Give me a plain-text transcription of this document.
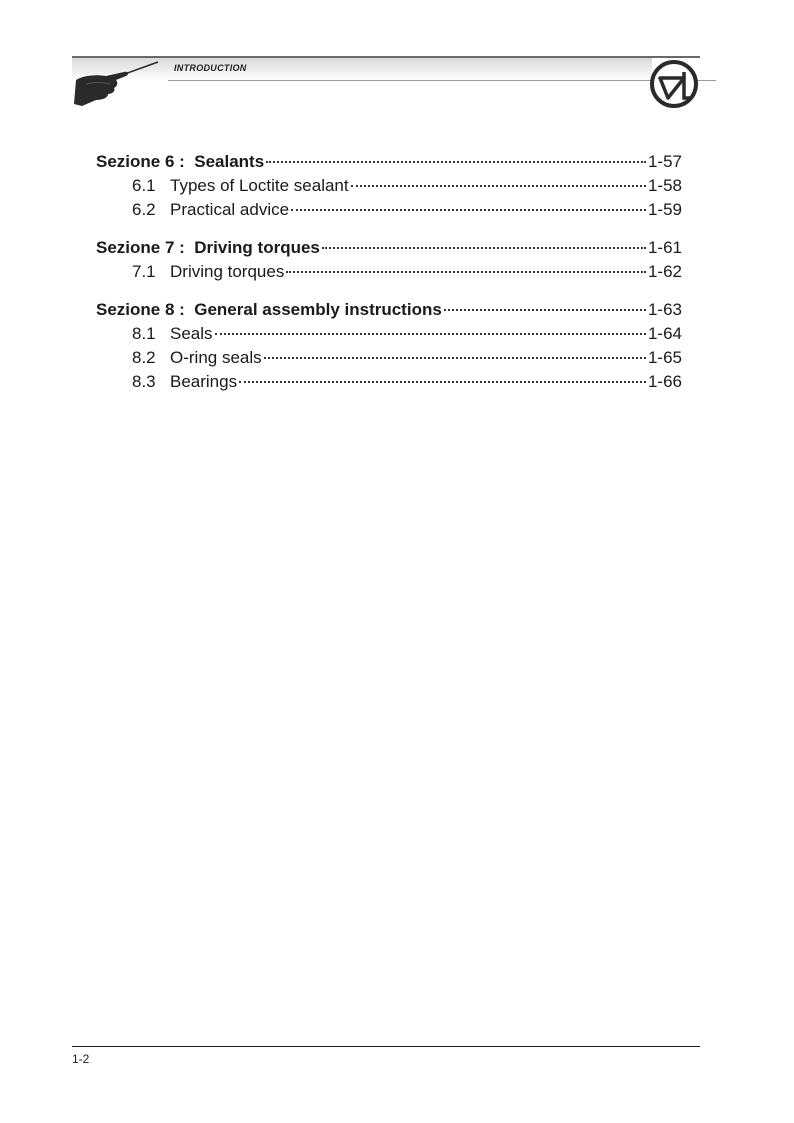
INTRODUCTION
Sezione 6 :  Sealants	1-57
6.1 Types of Loctite sealant	1-58
6.2 Practical advice	1-59
Sezione 7 :  Driving torques	1-61
7.1 Driving torques	1-62
Sezione 8 :  General assembly instructions	1-63
8.1 Seals	1-64
8.2 O-ring seals	1-65
8.3 Bearings	1-66
1-2
